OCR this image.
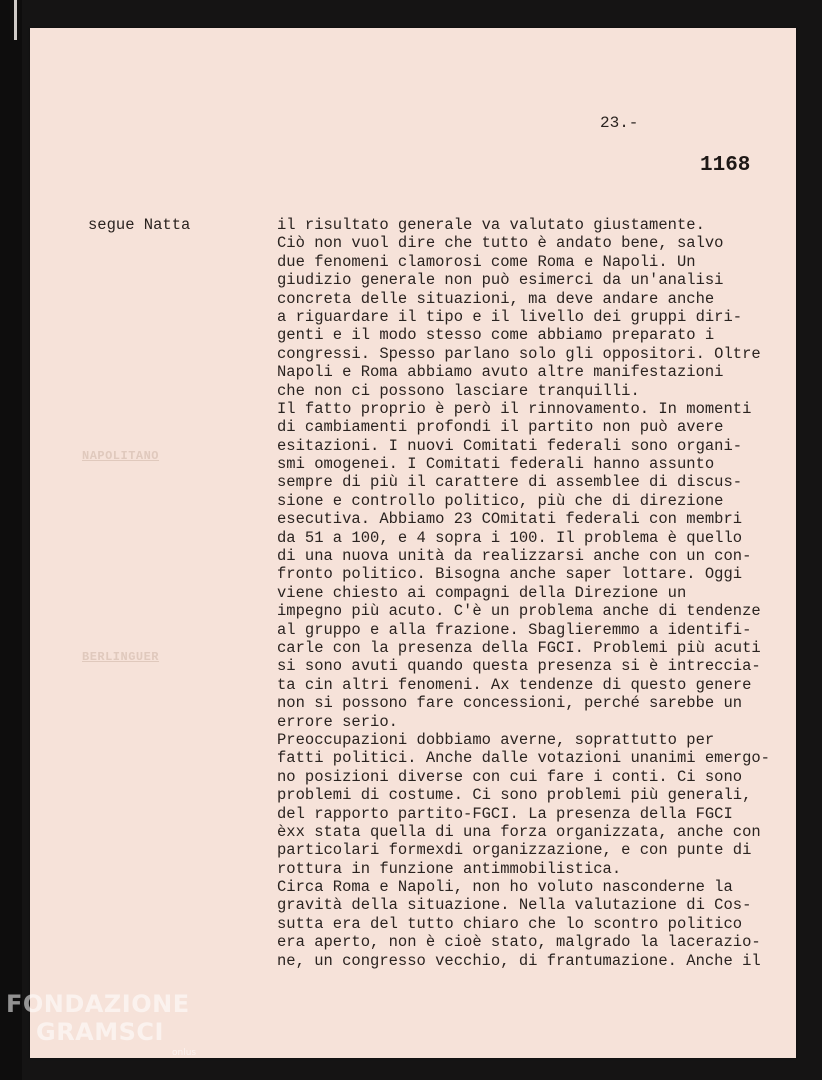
23.-
1168
segue Natta
NAPOLITANO
BERLINGUER
il risultato generale va valutato giustamente.
Ciò non vuol dire che tutto è andato bene, salvo
due fenomeni clamorosi come Roma e Napoli. Un
giudizio generale non può esimerci da un'analisi
concreta delle situazioni, ma deve andare anche
a riguardare il tipo e il livello dei gruppi diri-
genti e il modo stesso come abbiamo preparato i
congressi. Spesso parlano solo gli oppositori. Oltre
Napoli e Roma abbiamo avuto altre manifestazioni
che non ci possono lasciare tranquilli.
Il fatto proprio è però il rinnovamento. In momenti
di cambiamenti profondi il partito non può avere
esitazioni. I nuovi Comitati federali sono organi-
smi omogenei. I Comitati federali hanno assunto
sempre di più il carattere di assemblee di discus-
sione e controllo politico, più che di direzione
esecutiva. Abbiamo 23 COmitati federali con membri
da 51 a 100, e 4 sopra i 100. Il problema è quello
di una nuova unità da realizzarsi anche con un con-
fronto politico. Bisogna anche saper lottare. Oggi
viene chiesto ai compagni della Direzione un
impegno più acuto. C'è un problema anche di tendenze
al gruppo e alla frazione. Sbaglieremmo a identifi-
carle con la presenza della FGCI. Problemi più acuti
si sono avuti quando questa presenza si è intreccia-
ta cin altri fenomeni. Ax tendenze di questo genere
non si possono fare concessioni, perché sarebbe un
errore serio.
Preoccupazioni dobbiamo averne, soprattutto per
fatti politici. Anche dalle votazioni unanimi emergo-
no posizioni diverse con cui fare i conti. Ci sono
problemi di costume. Ci sono problemi più generali,
del rapporto partito-FGCI. La presenza della FGCI
èxx stata quella di una forza organizzata, anche con
particolari formexdi organizzazione, e con punte di
rottura in funzione antimmobilistica.
Circa Roma e Napoli, non ho voluto nasconderne la
gravità della situazione. Nella valutazione di Cos-
sutta era del tutto chiaro che lo scontro politico
era aperto, non è cioè stato, malgrado la lacerazio-
ne, un congresso vecchio, di frantumazione. Anche il
FONDAZIONE
GRAMSCI
onlus
